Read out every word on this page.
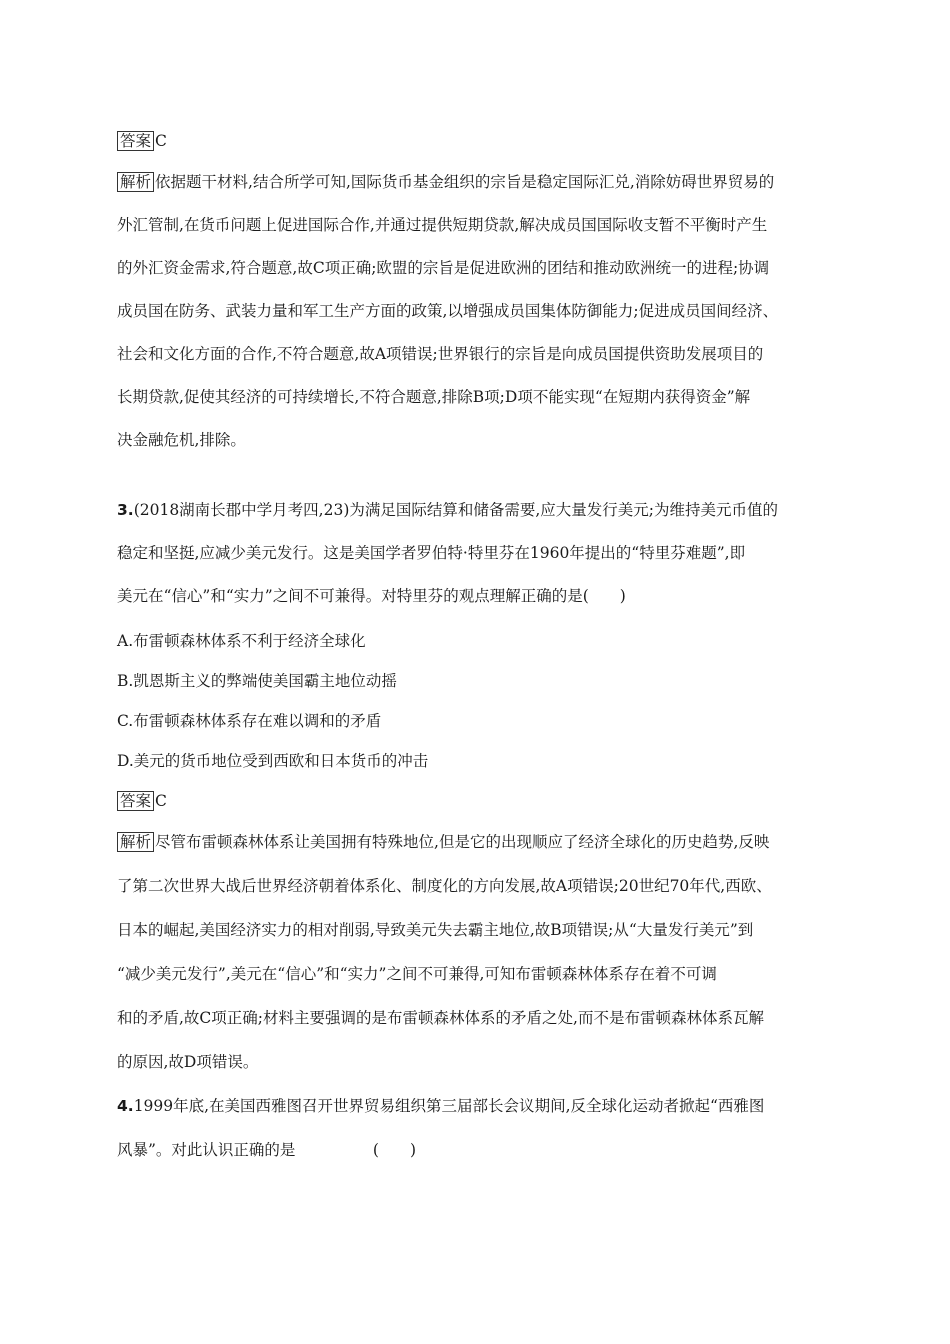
答案 C
解析 依据题干材料,结合所学可知,国际货币基金组织的宗旨是稳定国际汇兑,消除妨碍世界贸易的
外汇管制,在货币问题上促进国际合作,并通过提供短期贷款,解决成员国国际收支暂不平衡时产生
的外汇资金需求,符合题意,故C项正确;欧盟的宗旨是促进欧洲的团结和推动欧洲统一的进程;协调
成员国在防务、武装力量和军工生产方面的政策,以增强成员国集体防御能力;促进成员国间经济、
社会和文化方面的合作,不符合题意,故A项错误;世界银行的宗旨是向成员国提供资助发展项目的
长期贷款,促使其经济的可持续增长,不符合题意,排除B项;D项不能实现“在短期内获得资金”解
决金融危机,排除。
3.(2018湖南长郡中学月考四,23)为满足国际结算和储备需要,应大量发行美元;为维持美元币值的
稳定和坚挺,应减少美元发行。这是美国学者罗伯特·特里芬在1960年提出的“特里芬难题”,即
美元在“信心”和“实力”之间不可兼得。对特里芬的观点理解正确的是(　　)
A.布雷顿森林体系不利于经济全球化
B.凯恩斯主义的弊端使美国霸主地位动摇
C.布雷顿森林体系存在难以调和的矛盾
D.美元的货币地位受到西欧和日本货币的冲击
答案 C
解析 尽管布雷顿森林体系让美国拥有特殊地位,但是它的出现顺应了经济全球化的历史趋势,反映
了第二次世界大战后世界经济朝着体系化、制度化的方向发展,故A项错误;20世纪70年代,西欧、
日本的崛起,美国经济实力的相对削弱,导致美元失去霸主地位,故B项错误;从“大量发行美元”到
“减少美元发行”,美元在“信心”和“实力”之间不可兼得,可知布雷顿森林体系存在着不可调
和的矛盾,故C项正确;材料主要强调的是布雷顿森林体系的矛盾之处,而不是布雷顿森林体系瓦解
的原因,故D项错误。
4.1999年底,在美国西雅图召开世界贸易组织第三届部长会议期间,反全球化运动者掀起“西雅图
风暴”。对此认识正确的是　　　　　(　　)
